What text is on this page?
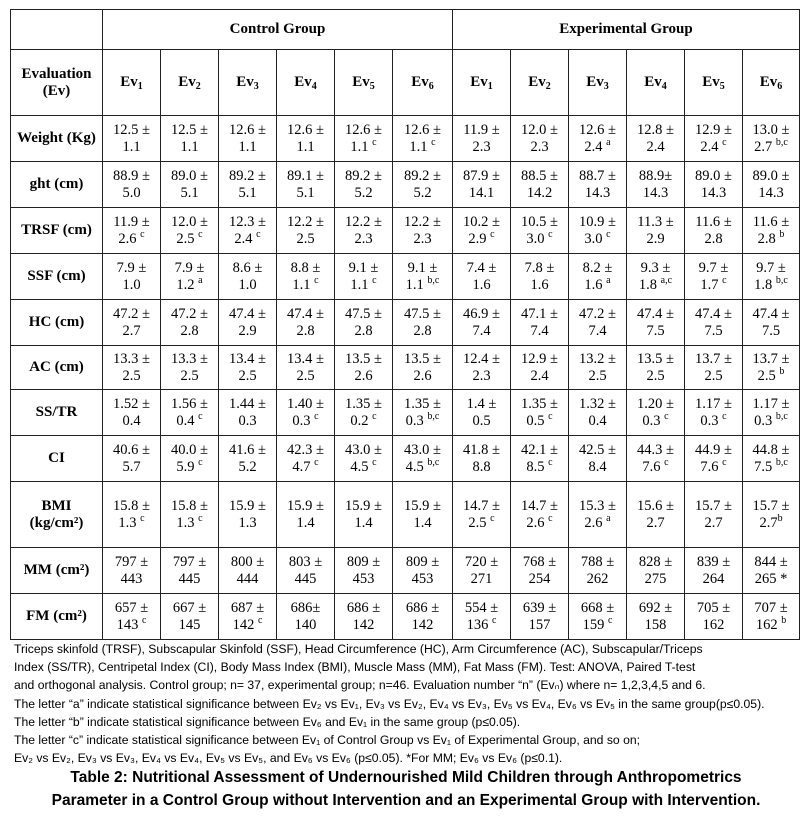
	Control Group						Experimental Group					

Evaluation
(Ev)	$Ev_1$	$Ev_2$	$Ev_3$	$Ev_4$	$Ev_5$	$Ev_6$	$Ev_1$	$Ev_2$	$Ev_3$	$Ev_4$	$Ev_5$	$Ev_6$

Weight (Kg)	12.5 ±
1.1	12.5 ±
1.1	12.6 ±
1.1	12.6 ±
1.1	12.6 ±
1.1 $^c$	12.6 ±
1.1 $^c$	11.9 ±
2.3	12.0 ±
2.3	12.6 ±
2.4 $^a$	12.8 ±
2.4	12.9 ±
2.4 $^c$	13.0 ±
2.7 $^{b,c}$

ght (cm)	88.9 ±
5.0	89.0 ±
5.1	89.2 ±
5.1	89.1 ±
5.1	89.2 ±
5.2	89.2 ±
5.2	87.9 ±
14.1	88.5 ±
14.2	88.7 ±
14.3	88.9±
14.3	89.0 ±
14.3	89.0 ±
14.3

TRSF (cm)	11.9 ±
2.6 $^c$	12.0 ±
2.5 $^c$	12.3 ±
2.4 $^c$	12.2 ±
2.5	12.2 ±
2.3	12.2 ±
2.3	10.2 ±
2.9 $^c$	10.5 ±
3.0 $^c$	10.9 ±
3.0 $^c$	11.3 ±
2.9	11.6 ±
2.8	11.6 ±
2.8 $^b$

SSF (cm)	7.9 ±
1.0	7.9 ±
1.2 $^a$	8.6 ±
1.0	8.8 ±
1.1 $^c$	9.1 ±
1.1 $^c$	9.1 ±
1.1 $^{b,c}$	7.4 ±
1.6	7.8 ±
1.6	8.2 ±
1.6 $^a$	9.3 ±
1.8 $^{a,c}$	9.7 ±
1.7 $^c$	9.7 ±
1.8 $^{b,c}$

HC (cm)	47.2 ±
2.7	47.2 ±
2.8	47.4 ±
2.9	47.4 ±
2.8	47.5 ±
2.8	47.5 ±
2.8	46.9 ±
7.4	47.1 ±
7.4	47.2 ±
7.4	47.4 ±
7.5	47.4 ±
7.5	47.4 ±
7.5

AC (cm)	13.3 ±
2.5	13.3 ±
2.5	13.4 ±
2.5	13.4 ±
2.5	13.5 ±
2.6	13.5 ±
2.6	12.4 ±
2.3	12.9 ±
2.4	13.2 ±
2.5	13.5 ±
2.5	13.7 ±
2.5	13.7 ±
2.5 $^b$

SS/TR	1.52 ±
0.4	1.56 ±
0.4 $^c$	1.44 ±
0.3	1.40 ±
0.3 $^c$	1.35 ±
0.2 $^c$	1.35 ±
0.3 $^{b,c}$	1.4 ±
0.5	1.35 ±
0.5 $^c$	1.32 ±
0.4	1.20 ±
0.3 $^c$	1.17 ±
0.3 $^c$	1.17 ±
0.3 $^{b,c}$

CI	40.6 ±
5.7	40.0 ±
5.9 $^c$	41.6 ±
5.2	42.3 ±
4.7 $^c$	43.0 ±
4.5 $^c$	43.0 ±
4.5 $^{b,c}$	41.8 ±
8.8	42.1 ±
8.5 $^c$	42.5 ±
8.4	44.3 ±
7.6 $^c$	44.9 ±
7.6 $^c$	44.8 ±
7.5 $^{b,c}$

BMI
(kg/cm²)	15.8 ±
1.3 $^c$	15.8 ±
1.3 $^c$	15.9 ±
1.3	15.9 ±
1.4	15.9 ±
1.4	15.9 ±
1.4	14.7 ±
2.5 $^c$	14.7 ±
2.6 $^c$	15.3 ±
2.6 $^a$	15.6 ±
2.7	15.7 ±
2.7	15.7 ±
2.7$^b$

MM (cm²)	797 ±
443	797 ±
445	800 ±
444	803 ±
445	809 ±
453	809 ±
453	720 ±
271	768 ±
254	788 ±
262	828 ±
275	839 ±
264	844 ±
265 *

FM (cm²)	657 ±
143 $^c$	667 ±
145	687 ±
142 $^c$	686±
140	686 ±
142	686 ±
142	554 ±
136 $^c$	639 ±
157	668 ±
159 $^c$	692 ±
158	705 ±
162	707 ±
162 $^b$
Triceps skinfold (TRSF), Subscapular Skinfold (SSF), Head Circumference (HC), Arm Circumference (AC), Subscapular/Triceps
Index (SS/TR), Centripetal Index (CI), Body Mass Index (BMI), Muscle Mass (MM), Fat Mass (FM). Test: ANOVA, Paired T-test
and orthogonal analysis. Control group; n= 37, experimental group; n=46. Evaluation number “n” (Evₙ) where n= 1,2,3,4,5 and 6.
The letter “a” indicate statistical significance between Ev₂ vs Ev₁, Ev₃ vs Ev₂, Ev₄ vs Ev₃, Ev₅ vs Ev₄, Ev₆ vs Ev₅ in the same group(p≤0.05).
The letter “b” indicate statistical significance between Ev₆ and Ev₁ in the same group (p≤0.05).
The letter “c” indicate statistical significance between Ev₁ of Control Group vs Ev₁ of Experimental Group, and so on;
Ev₂ vs Ev₂, Ev₃ vs Ev₃, Ev₄ vs Ev₄, Ev₅ vs Ev₅, and Ev₆ vs Ev₆ (p≤0.05). *For MM; Ev₆ vs Ev₆ (p≤0.1).
Table 2: Nutritional Assessment of Undernourished Mild Children through Anthropometrics
Parameter in a Control Group without Intervention and an Experimental Group with Intervention.
